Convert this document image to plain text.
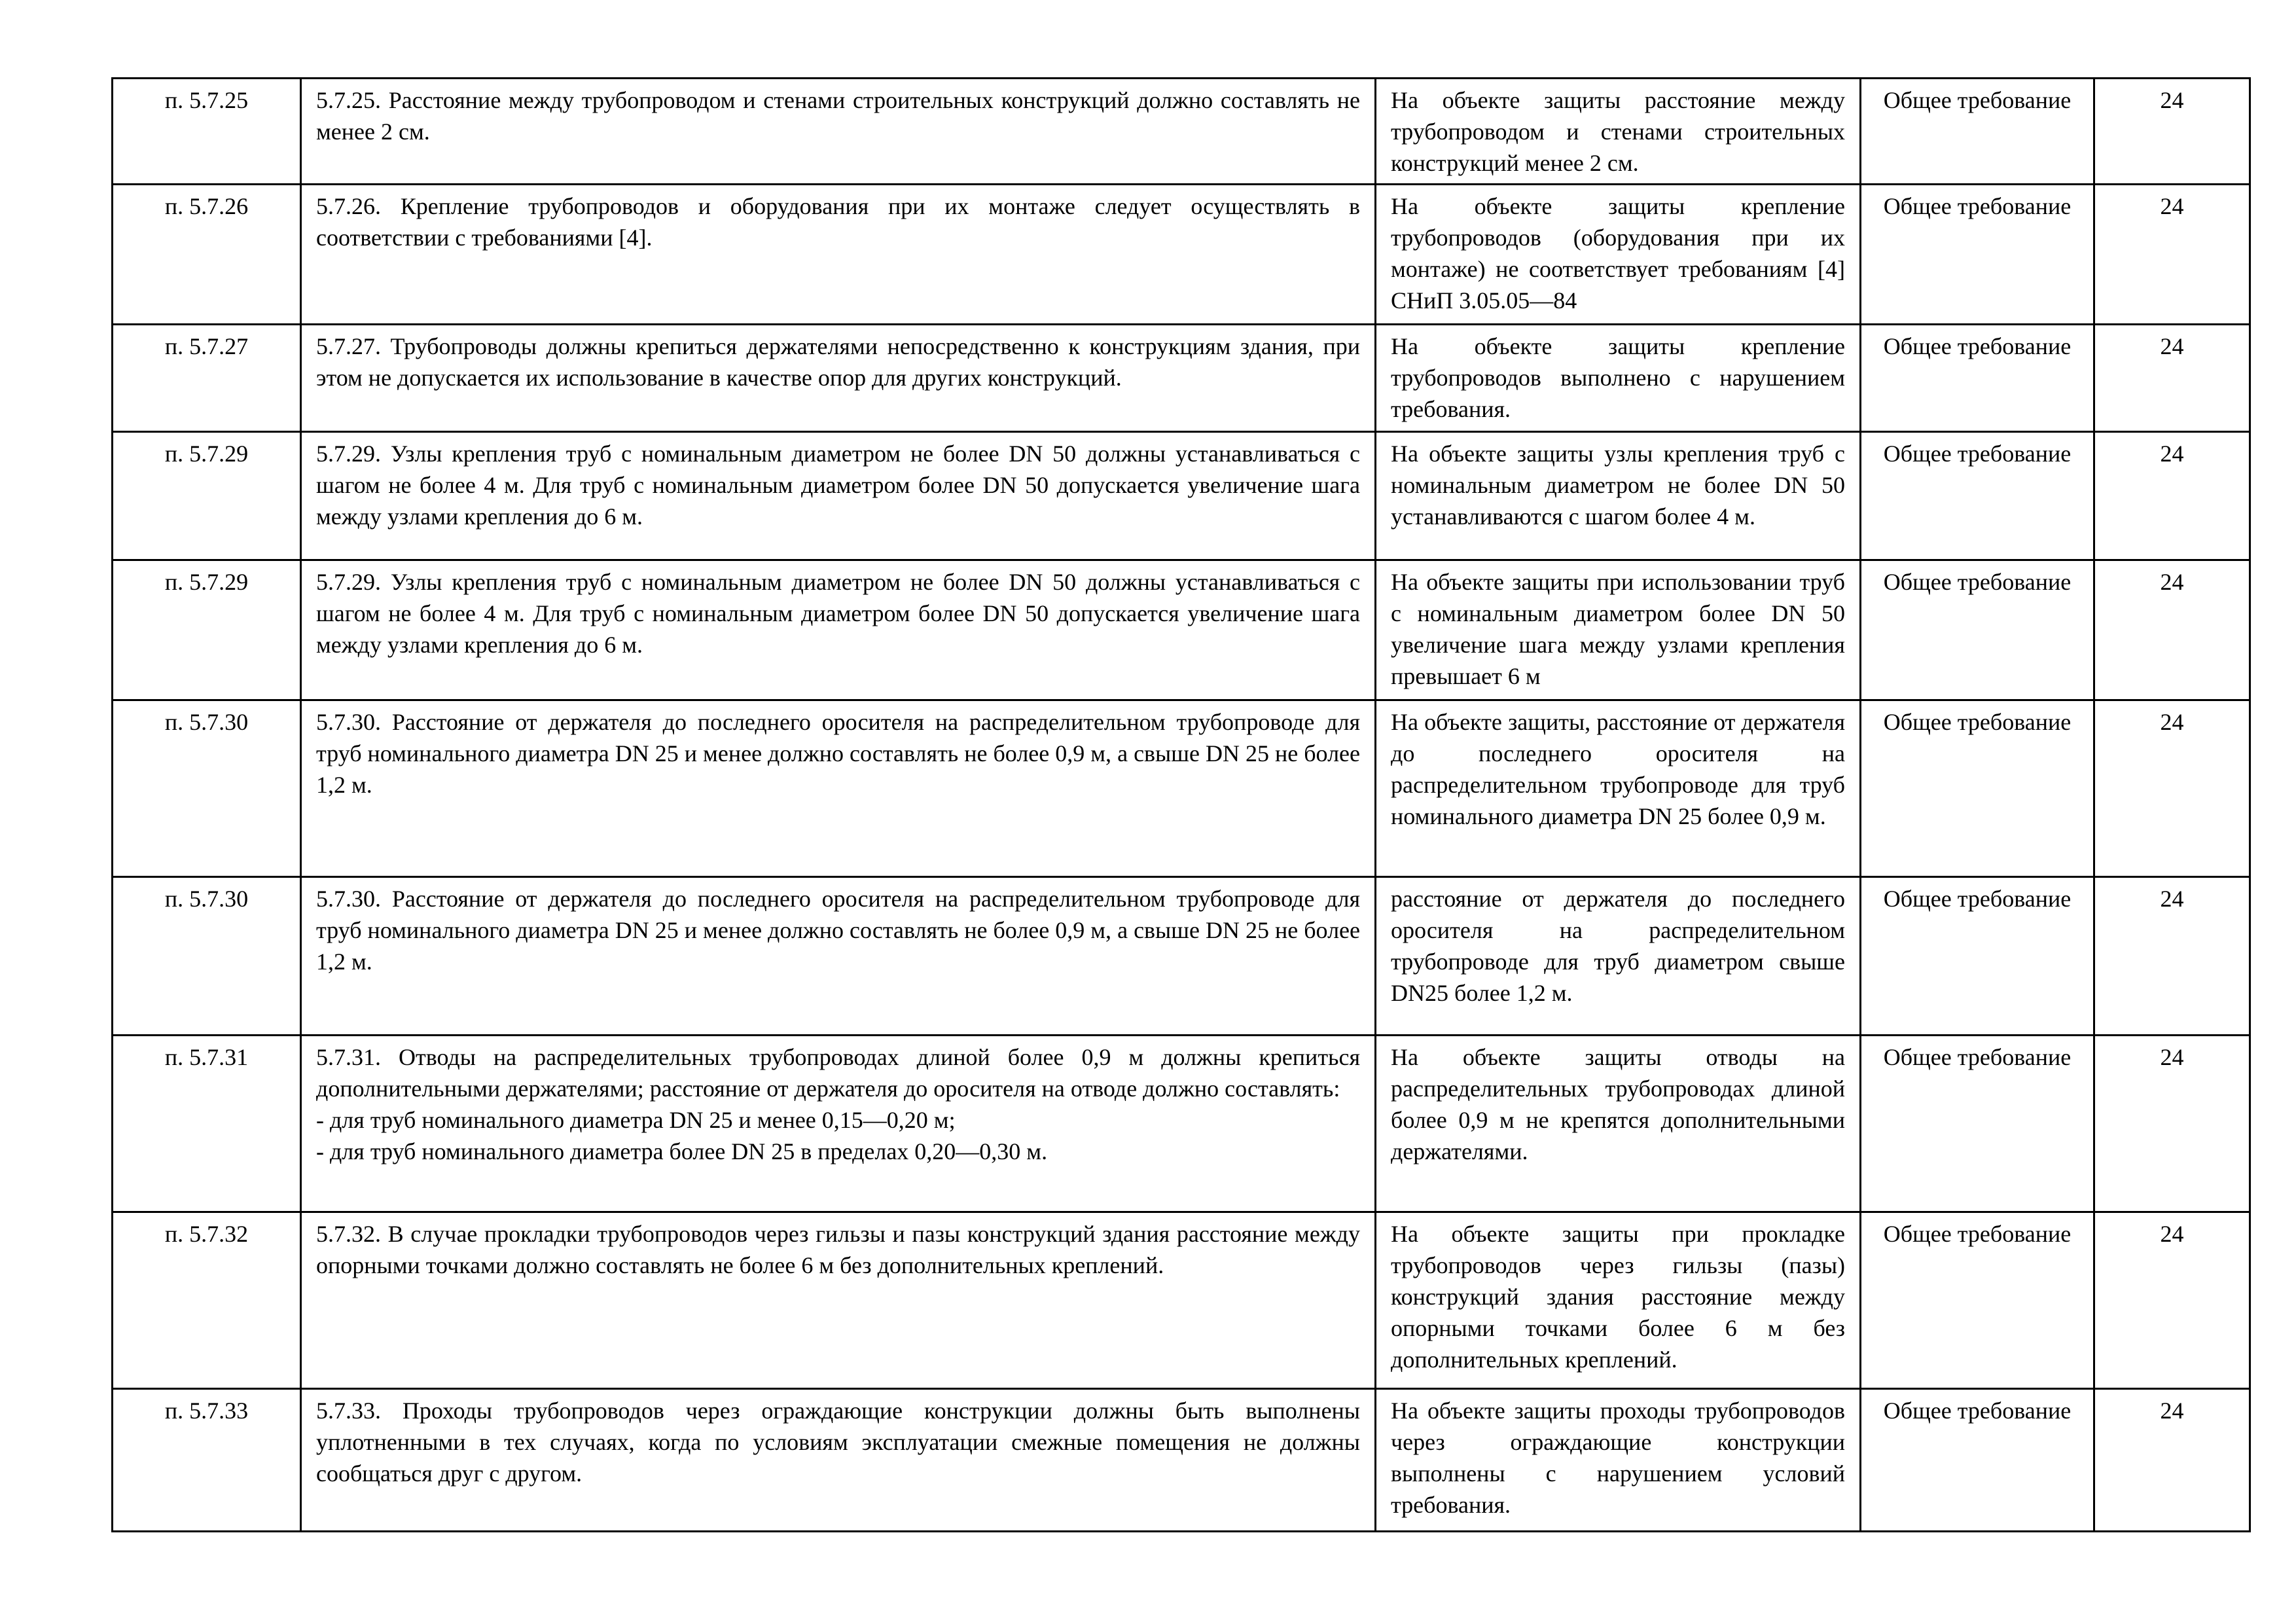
п. 5.7.25	5.7.25. Расстояние между трубопроводом и стенами строительных конструкций должно составлять не менее 2 см.	На объекте защиты расстояние между трубопроводом и стенами строительных конструкций менее 2 см.	Общее требование	24
п. 5.7.26	5.7.26. Крепление трубопроводов и оборудования при их монтаже следует осуществлять в соответствии с требованиями [4].	На объекте защиты крепление трубопроводов (оборудования при их монтаже) не соответствует требованиям [4] СНиП 3.05.05—84	Общее требование	24
п. 5.7.27	5.7.27. Трубопроводы должны крепиться держателями непосредственно к конструкциям здания, при этом не допускается их использование в качестве опор для других конструкций.	На объекте защиты крепление трубопроводов выполнено с нарушением требования.	Общее требование	24
п. 5.7.29	5.7.29. Узлы крепления труб с номинальным диаметром не более DN 50 должны устанавливаться с шагом не более 4 м. Для труб с номинальным диаметром более DN 50 допускается увеличение шага между узлами крепления до 6 м.	На объекте защиты узлы крепления труб с номинальным диаметром не более DN 50 устанавливаются с шагом более 4 м.	Общее требование	24
п. 5.7.29	5.7.29. Узлы крепления труб с номинальным диаметром не более DN 50 должны устанавливаться с шагом не более 4 м. Для труб с номинальным диаметром более DN 50 допускается увеличение шага между узлами крепления до 6 м.	На объекте защиты при использовании труб с номинальным диаметром более DN 50 увеличение шага между узлами крепления превышает 6 м	Общее требование	24
п. 5.7.30	5.7.30. Расстояние от держателя до последнего оросителя на распределительном трубопроводе для труб номинального диаметра DN 25 и менее должно составлять не более 0,9 м, а свыше DN 25 не более 1,2 м.	На объекте защиты, расстояние от держателя до последнего оросителя на распределительном трубопроводе для труб номинального диаметра DN 25 более 0,9 м.	Общее требование	24
п. 5.7.30	5.7.30. Расстояние от держателя до последнего оросителя на распределительном трубопроводе для труб номинального диаметра DN 25 и менее должно составлять не более 0,9 м, а свыше DN 25 не более 1,2 м.	расстояние от держателя до последнего оросителя на распределительном трубопроводе для труб диаметром свыше DN25 более 1,2 м.	Общее требование	24
п. 5.7.31	5.7.31. Отводы на распределительных трубопроводах длиной более 0,9 м должны крепиться дополнительными держателями; расстояние от держателя до оросителя на отводе должно составлять:
- для труб номинального диаметра DN 25 и менее 0,15—0,20 м;
- для труб номинального диаметра более DN 25 в пределах 0,20—0,30 м.	На объекте защиты отводы на распределительных трубопроводах длиной более 0,9 м не крепятся дополнительными держателями.	Общее требование	24
п. 5.7.32	5.7.32. В случае прокладки трубопроводов через гильзы и пазы конструкций здания расстояние между опорными точками должно составлять не более 6 м без дополнительных креплений.	На объекте защиты при прокладке трубопроводов через гильзы (пазы) конструкций здания расстояние между опорными точками более 6 м без дополнительных креплений.	Общее требование	24
п. 5.7.33	5.7.33. Проходы трубопроводов через ограждающие конструкции должны быть выполнены уплотненными в тех случаях, когда по условиям эксплуатации смежные помещения не должны сообщаться друг с другом.	На объекте защиты проходы трубопроводов через ограждающие конструкции выполнены с нарушением условий требования.	Общее требование	24
